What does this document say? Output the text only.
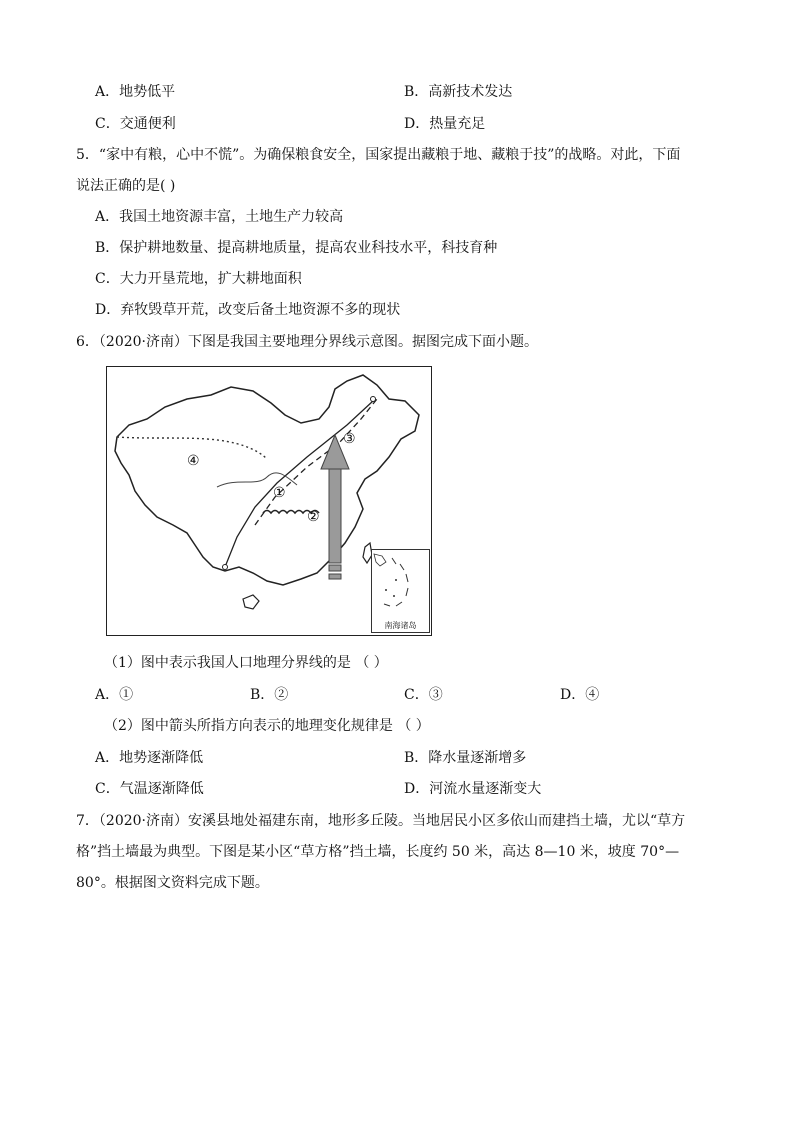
A．地势低平	B．高新技术发达
C．交通便利	D．热量充足
5．“家中有粮，心中不慌”。为确保粮食安全，国家提出藏粮于地、藏粮于技”的战略。对此，下面
说法正确的是( )
A．我国土地资源丰富，土地生产力较高
B．保护耕地数量、提高耕地质量，提高农业科技水平，科技育种
C．大力开垦荒地，扩大耕地面积
D．弃牧毁草开荒，改变后备土地资源不多的现状
6．（2020·济南）下图是我国主要地理分界线示意图。据图完成下面小题。
①
②
③
④
南海诸岛
（1）图中表示我国人口地理分界线的是 （ ）
A．①	B．②	C．③	D．④
（2）图中箭头所指方向表示的地理变化规律是 （ ）
A．地势逐渐降低	B．降水量逐渐增多
C．气温逐渐降低	D．河流水量逐渐变大
7．（2020·济南）安溪县地处福建东南，地形多丘陵。当地居民小区多依山而建挡土墙，尤以“草方
格”挡土墙最为典型。下图是某小区“草方格”挡土墙，长度约 50 米，高达 8—10 米，坡度 70°—
80°。根据图文资料完成下题。
